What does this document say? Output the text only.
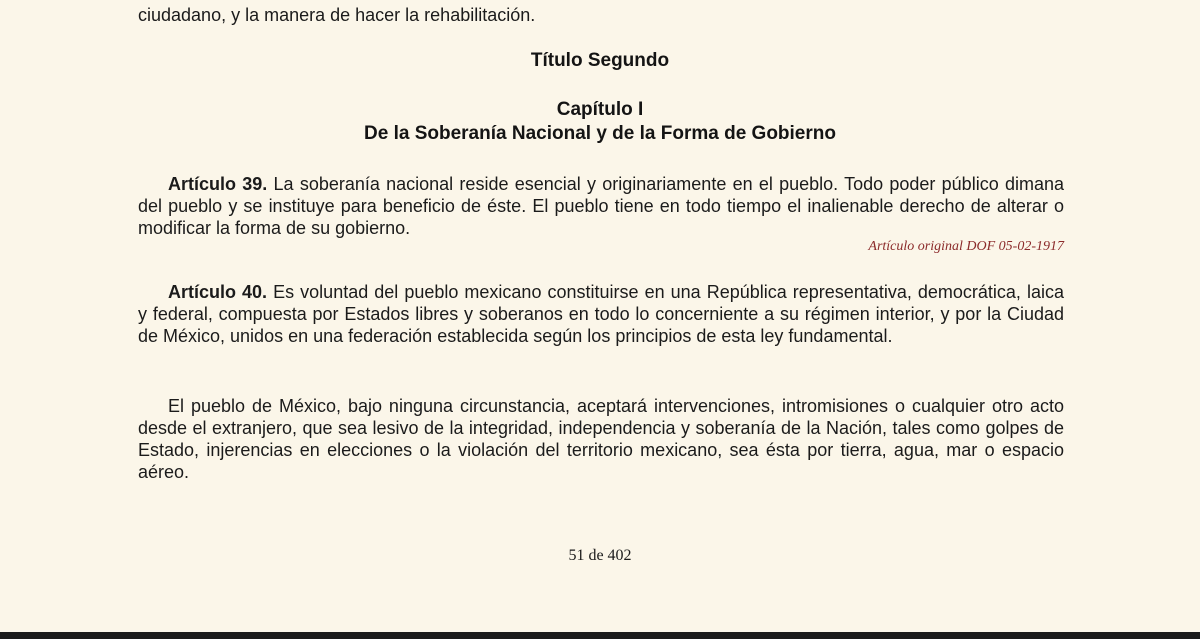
ciudadano, y la manera de hacer la rehabilitación.
Título Segundo
Capítulo I
De la Soberanía Nacional y de la Forma de Gobierno
Artículo 39. La soberanía nacional reside esencial y originariamente en el pueblo. Todo poder público dimana del pueblo y se instituye para beneficio de éste. El pueblo tiene en todo tiempo el inalienable derecho de alterar o modificar la forma de su gobierno.
Artículo original DOF 05-02-1917
Artículo 40. Es voluntad del pueblo mexicano constituirse en una República representativa, democrática, laica y federal, compuesta por Estados libres y soberanos en todo lo concerniente a su régimen interior, y por la Ciudad de México, unidos en una federación establecida según los principios de esta ley fundamental.
El pueblo de México, bajo ninguna circunstancia, aceptará intervenciones, intromisiones o cualquier otro acto desde el extranjero, que sea lesivo de la integridad, independencia y soberanía de la Nación, tales como golpes de Estado, injerencias en elecciones o la violación del territorio mexicano, sea ésta por tierra, agua, mar o espacio aéreo.
51 de 402
